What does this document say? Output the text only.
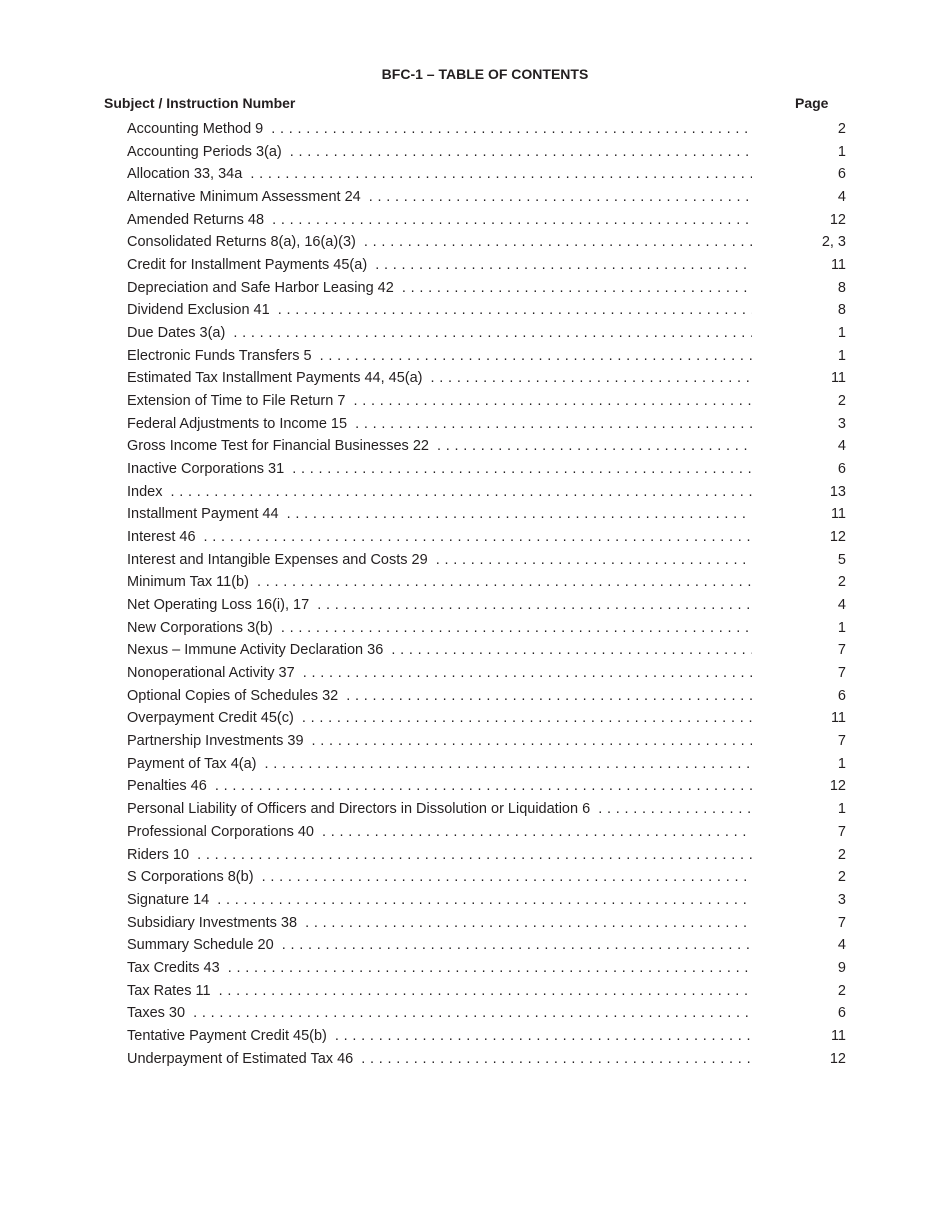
BFC-1 – TABLE OF CONTENTS
Subject / Instruction Number	Page
Accounting Method 9 . . .	2
Accounting Periods 3(a) . . .	1
Allocation 33, 34a . . .	6
Alternative Minimum Assessment 24 . . .	4
Amended Returns 48 . . .	12
Consolidated Returns 8(a), 16(a)(3) . . .	2, 3
Credit for Installment Payments 45(a) . . .	11
Depreciation and Safe Harbor Leasing 42 . . .	8
Dividend Exclusion 41 . . .	8
Due Dates 3(a) . . .	1
Electronic Funds Transfers 5 . . .	1
Estimated Tax Installment Payments 44, 45(a) . . .	11
Extension of Time to File Return 7 . . .	2
Federal Adjustments to Income 15 . . .	3
Gross Income Test for Financial Businesses 22 . . .	4
Inactive Corporations 31 . . .	6
Index . . .	13
Installment Payment 44 . . .	11
Interest 46 . . .	12
Interest and Intangible Expenses and Costs 29 . . .	5
Minimum Tax 11(b) . . .	2
Net Operating Loss 16(i), 17 . . .	4
New Corporations 3(b) . . .	1
Nexus – Immune Activity Declaration 36 . . .	7
Nonoperational Activity 37 . . .	7
Optional Copies of Schedules 32 . . .	6
Overpayment Credit 45(c) . . .	11
Partnership Investments 39 . . .	7
Payment of Tax 4(a) . . .	1
Penalties 46 . . .	12
Personal Liability of Officers and Directors in Dissolution or Liquidation 6 . . .	1
Professional Corporations 40 . . .	7
Riders 10 . . .	2
S Corporations 8(b) . . .	2
Signature 14 . . .	3
Subsidiary Investments 38 . . .	7
Summary Schedule 20 . . .	4
Tax Credits 43 . . .	9
Tax Rates 11 . . .	2
Taxes 30 . . .	6
Tentative Payment Credit 45(b) . . .	11
Underpayment of Estimated Tax 46 . . .	12
